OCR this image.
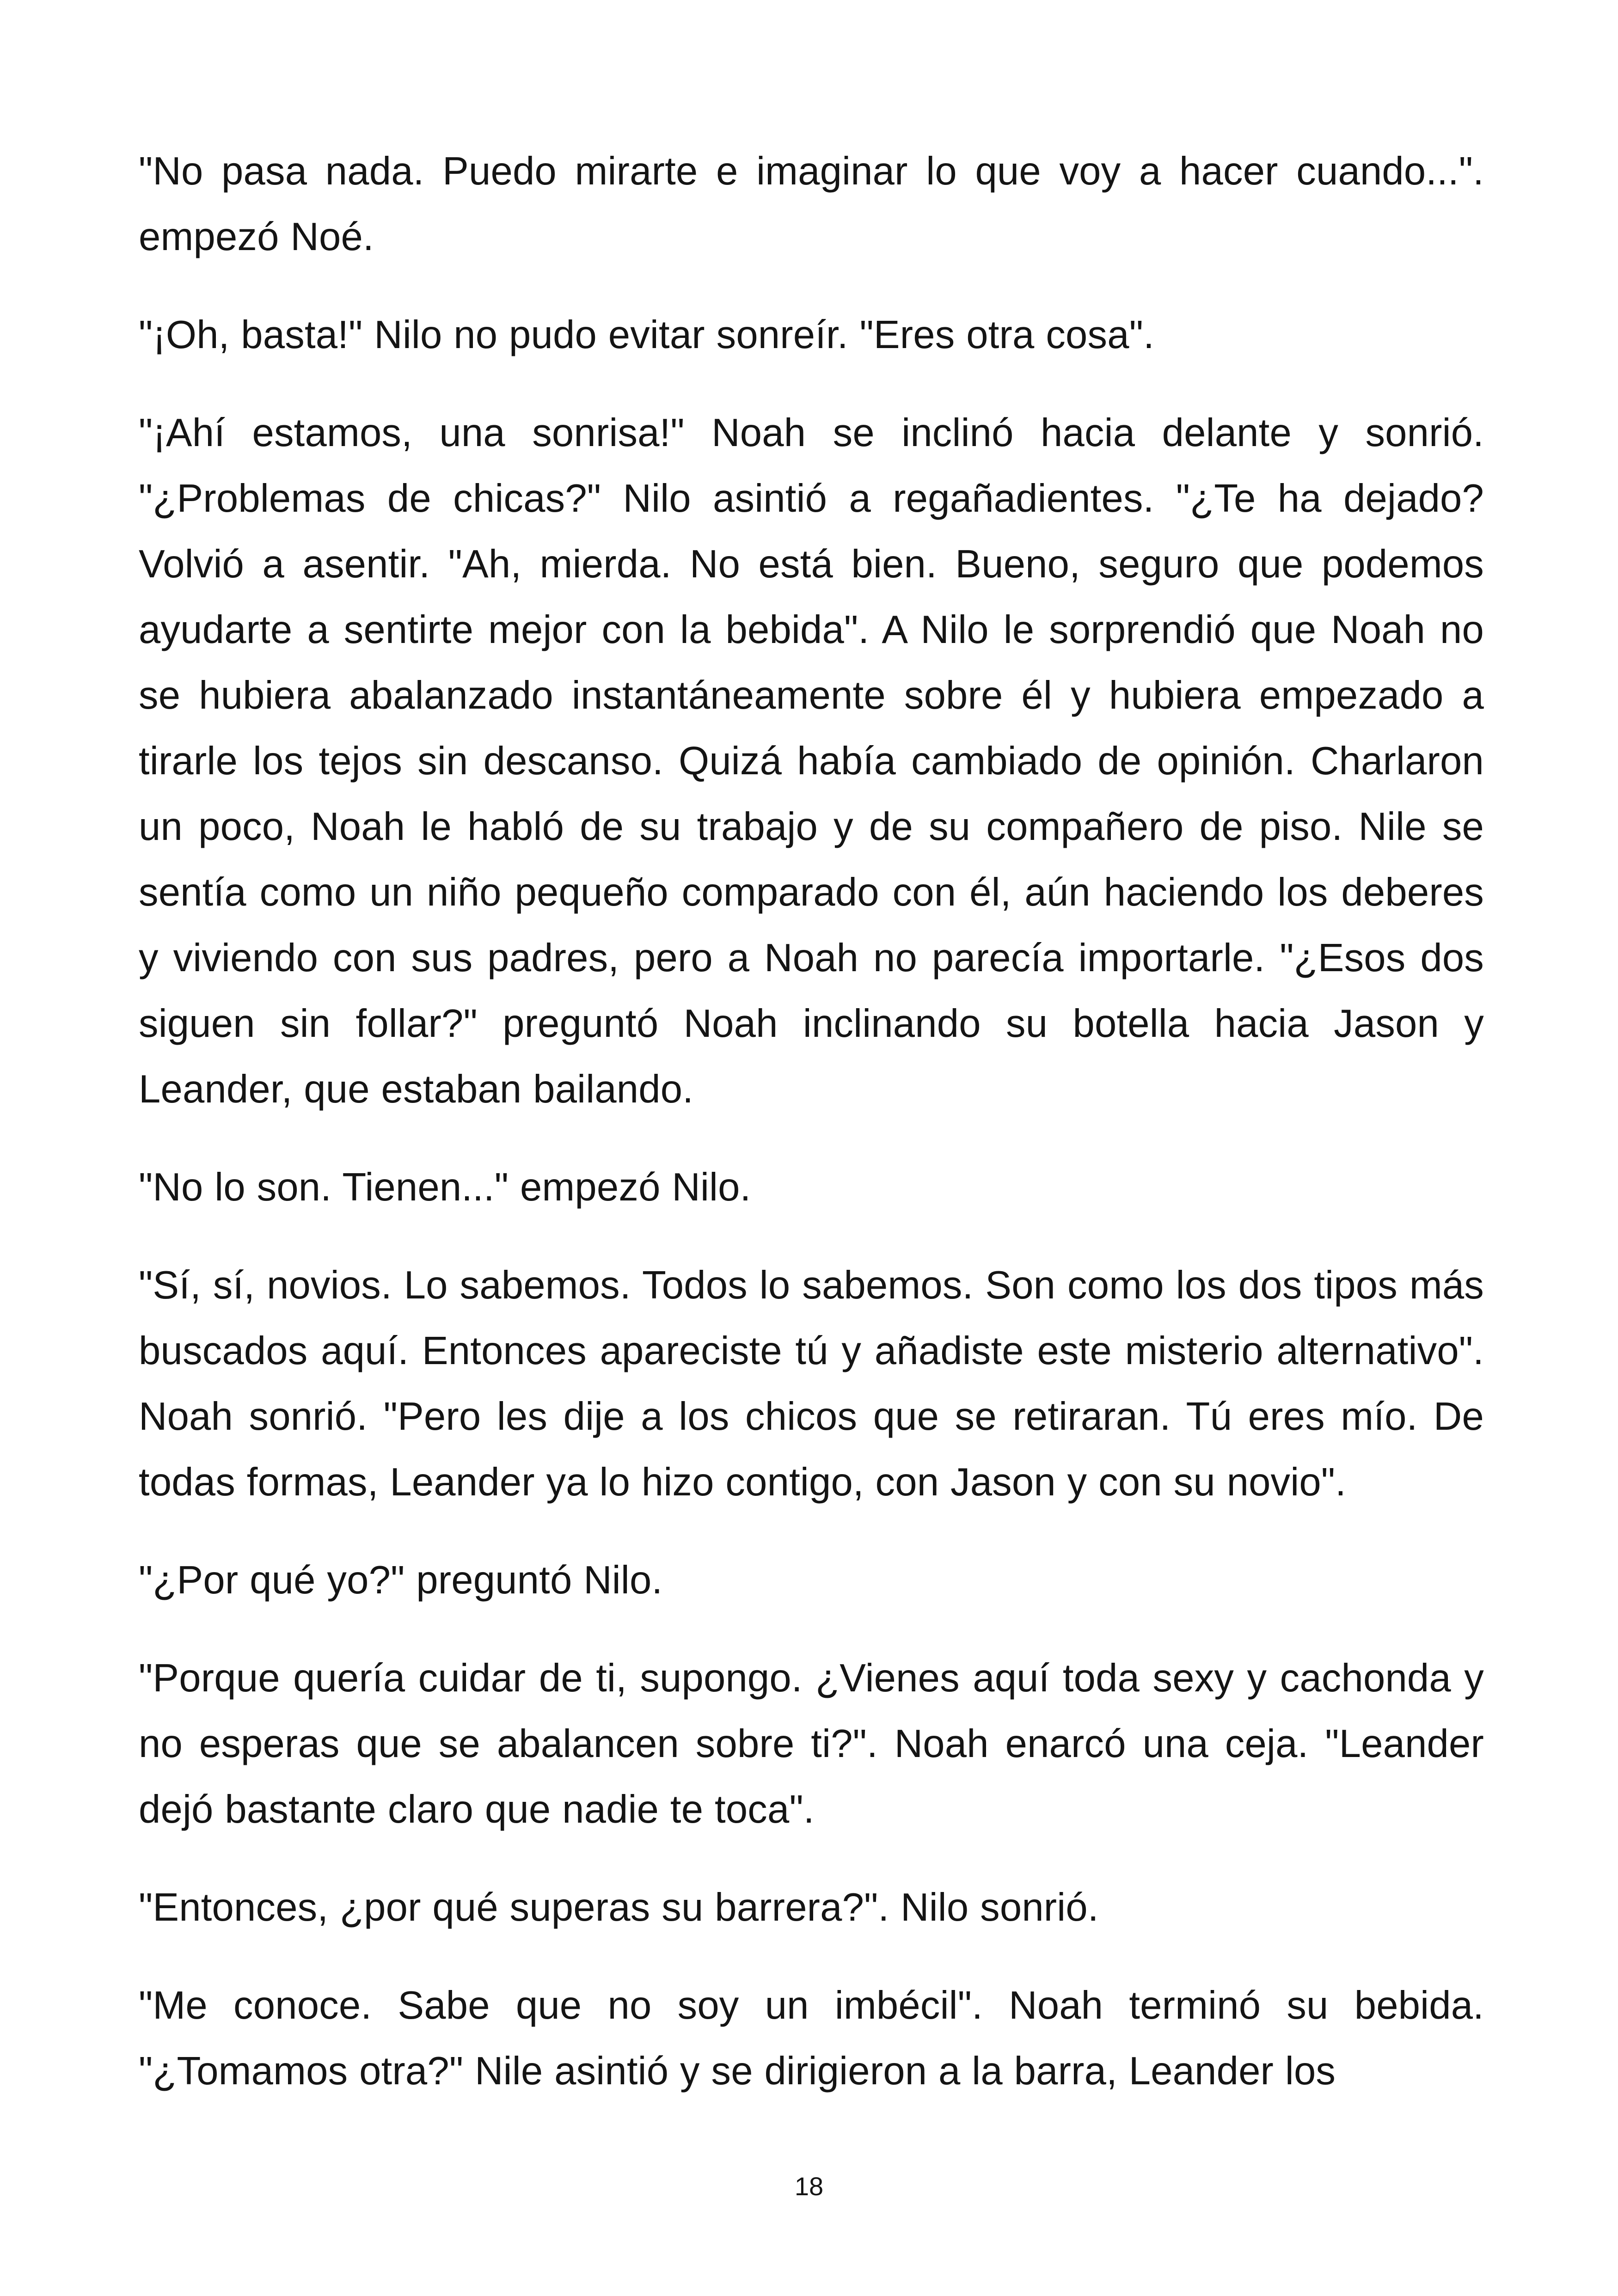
"No pasa nada. Puedo mirarte e imaginar lo que voy a hacer cuando...". empezó Noé.

"¡Oh, basta!" Nilo no pudo evitar sonreír. "Eres otra cosa".

"¡Ahí estamos, una sonrisa!" Noah se inclinó hacia delante y sonrió. "¿Problemas de chicas?" Nilo asintió a regañadientes. "¿Te ha dejado? Volvió a asentir. "Ah, mierda. No está bien. Bueno, seguro que podemos ayudarte a sentirte mejor con la bebida". A Nilo le sorprendió que Noah no se hubiera abalanzado instantáneamente sobre él y hubiera empezado a tirarle los tejos sin descanso. Quizá había cambiado de opinión. Charlaron un poco, Noah le habló de su trabajo y de su compañero de piso. Nile se sentía como un niño pequeño comparado con él, aún haciendo los deberes y viviendo con sus padres, pero a Noah no parecía importarle. "¿Esos dos siguen sin follar?" preguntó Noah inclinando su botella hacia Jason y Leander, que estaban bailando.

"No lo son. Tienen..." empezó Nilo.

"Sí, sí, novios. Lo sabemos. Todos lo sabemos. Son como los dos tipos más buscados aquí. Entonces apareciste tú y añadiste este misterio alternativo". Noah sonrió. "Pero les dije a los chicos que se retiraran. Tú eres mío. De todas formas, Leander ya lo hizo contigo, con Jason y con su novio".

"¿Por qué yo?" preguntó Nilo.

"Porque quería cuidar de ti, supongo. ¿Vienes aquí toda sexy y cachonda y no esperas que se abalancen sobre ti?". Noah enarcó una ceja. "Leander dejó bastante claro que nadie te toca".

"Entonces, ¿por qué superas su barrera?". Nilo sonrió.

"Me conoce. Sabe que no soy un imbécil". Noah terminó su bebida. "¿Tomamos otra?" Nile asintió y se dirigieron a la barra, Leander los

18
